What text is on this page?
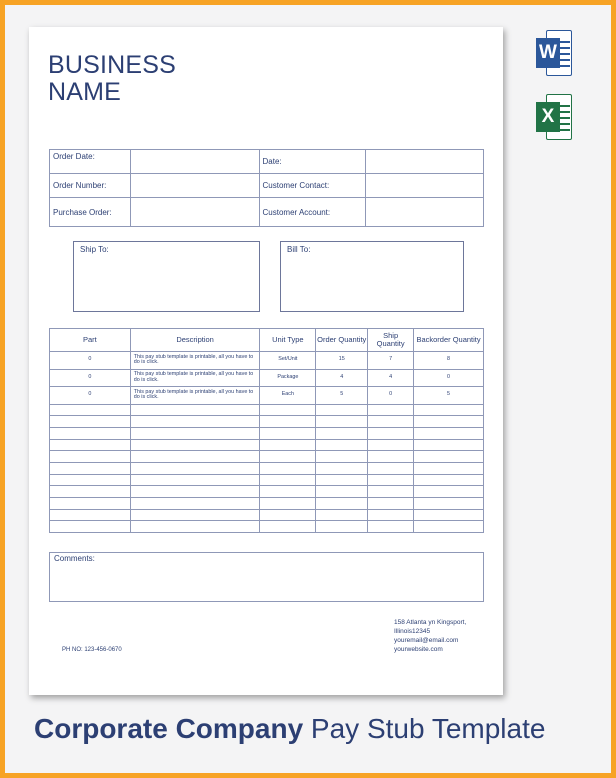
BUSINESS
NAME
Order Date:		Date:	
Order Number:		Customer Contact:	
Purchase Order:		Customer Account:	
Ship To:	Bill To:
Part	Description	Unit Type	Order Quantity	Ship Quantity	Backorder Quantity
0	This pay stub template is printable, all you have to do is click.	Set/Unit	15	7	8
0	This pay stub template is printable, all you have to do is click.	Package	4	4	0
0	This pay stub template is printable, all you have to do is click.	Each	5	0	5

Comments:
158 Atlanta yn Kingsport,
Illinois12345
youremail@email.com
yourwebsite.com
PH NO: 123-456-0670
W
X
Corporate Company Pay Stub Template
